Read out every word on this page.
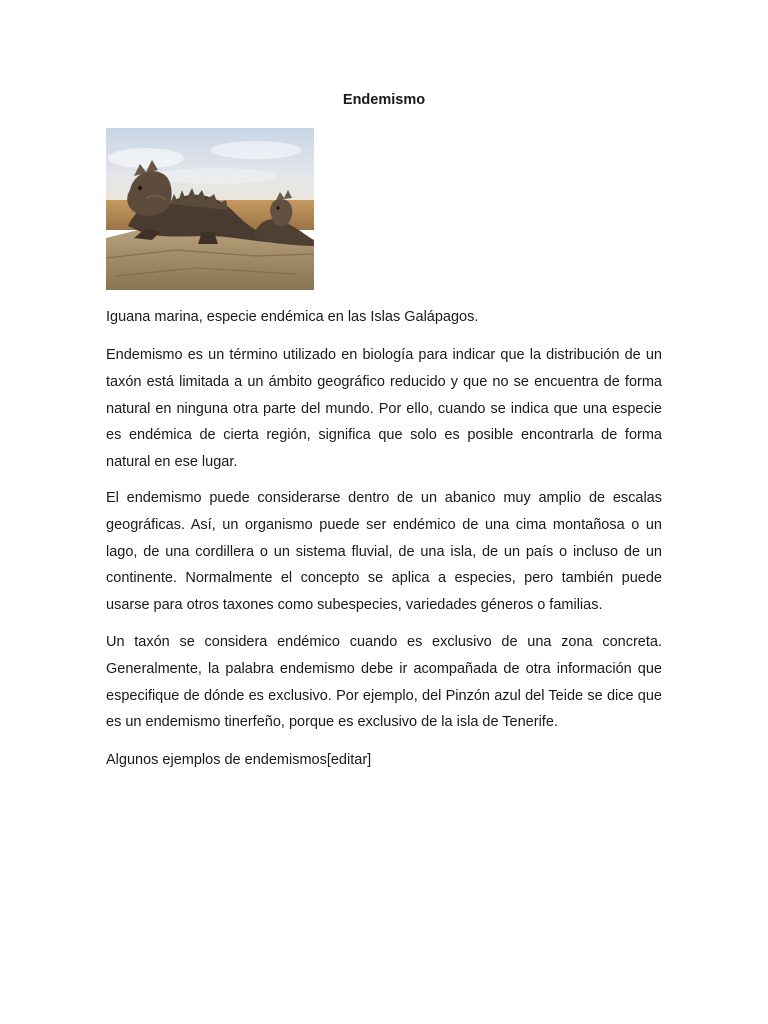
Endemismo
Iguana marina, especie endémica en las Islas Galápagos.

Endemismo es un término utilizado en biología para indicar que la distribución de un taxón está limitada a un ámbito geográfico reducido y que no se encuentra de forma natural en ninguna otra parte del mundo. Por ello, cuando se indica que una especie es endémica de cierta región, significa que solo es posible encontrarla de forma natural en ese lugar.

El endemismo puede considerarse dentro de un abanico muy amplio de escalas geográficas. Así, un organismo puede ser endémico de una cima montañosa o un lago, de una cordillera o un sistema fluvial, de una isla, de un país o incluso de un continente. Normalmente el concepto se aplica a especies, pero también puede usarse para otros taxones como subespecies, variedades géneros o familias.

Un taxón se considera endémico cuando es exclusivo de una zona concreta. Generalmente, la palabra endemismo debe ir acompañada de otra información que especifique de dónde es exclusivo. Por ejemplo, del Pinzón azul del Teide se dice que es un endemismo tinerfeño, porque es exclusivo de la isla de Tenerife.

Algunos ejemplos de endemismos[editar]
